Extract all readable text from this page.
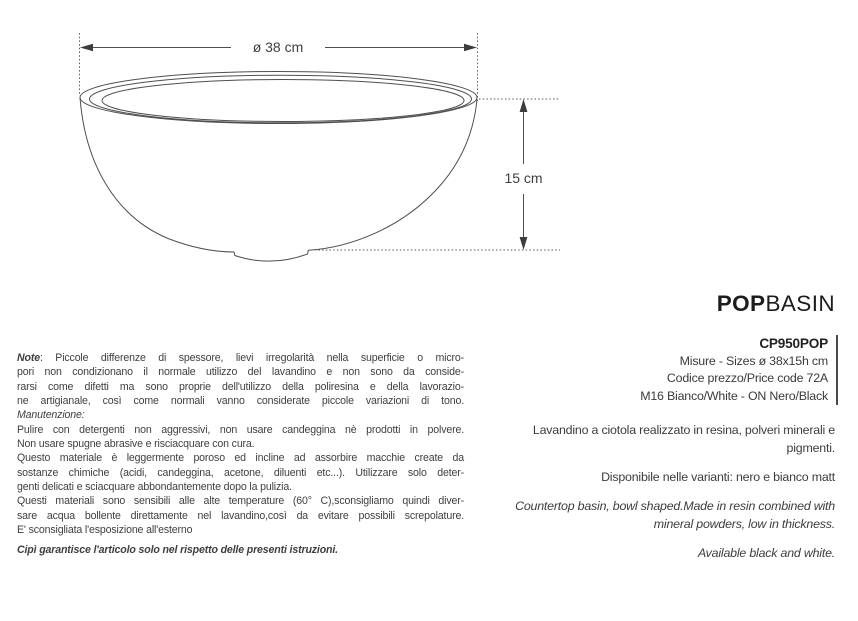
ø 38 cm
15 cm
POPBASIN
CP950POP
Misure - Sizes ø 38x15h cm
Codice prezzo/Price code 72A
M16 Bianco/White - ON Nero/Black
Note: Piccole differenze di spessore, lievi irregolarità nella superficie o micro-
pori non condizionano il normale utilizzo del lavandino e non sono da conside-
rarsi come difetti ma sono proprie dell'utilizzo della poliresina e della lavorazio-
ne artigianale, così come normali vanno considerate piccole variazioni di tono.
Manutenzione:
Pulire con detergenti non aggressivi, non usare candeggina nè prodotti in polvere.
Non usare spugne abrasive e risciacquare con cura.
Questo materiale è leggermente poroso ed incline ad assorbire macchie create da
sostanze chimiche (acidi, candeggina, acetone, diluenti etc...). Utilizzare solo deter-
genti delicati e sciacquare abbondantemente dopo la pulizia.
Questi materiali sono sensibili alle alte temperature (60° C),sconsigliamo quindi diver-
sare acqua bollente direttamente nel lavandino,così da evitare possibili screpolature.
E' sconsigliata l'esposizione all'esterno
Cipì garantisce l'articolo solo nel rispetto delle presenti istruzioni.
Lavandino a ciotola realizzato in resina, polveri minerali e
pigmenti.
Disponibile nelle varianti: nero e bianco matt
Countertop basin, bowl shaped.Made in resin combined with
mineral powders, low in thickness.
Available black and white.
